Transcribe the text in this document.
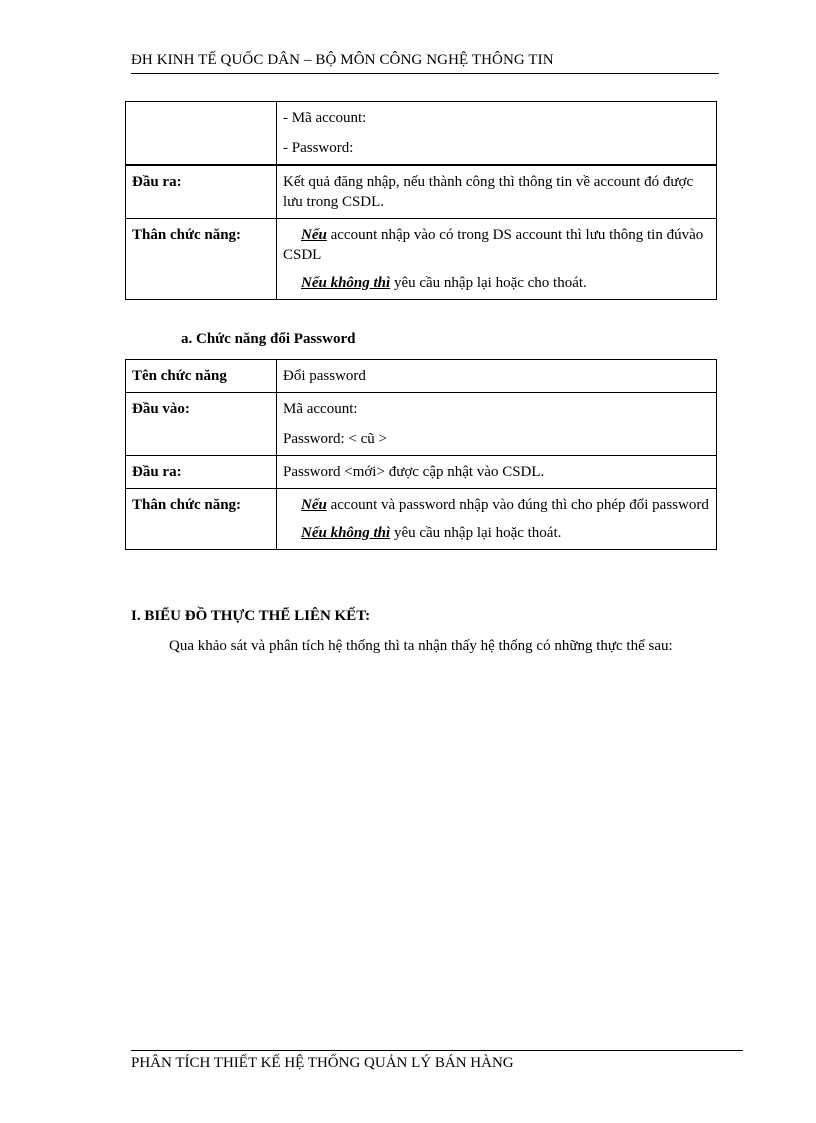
ĐH KINH TẾ QUỐC DÂN – BỘ MÔN CÔNG NGHỆ THÔNG TIN

	- Mã account:

- Password:

Đầu ra:	Kết quả đăng nhập, nếu thành công thì thông tin về account đó được lưu trong CSDL.
Thân chức năng:	Nếu account nhập vào có trong DS account thì lưu thông tin đúvào CSDL

Nếu không thì yêu cầu nhập lại hoặc cho thoát.

a. Chức năng đổi Password
Tên chức năng	Đổi password
Đầu vào:	Mã account:

Password: < cũ >

Đầu ra:	Password <mới> được cập nhật vào CSDL.
Thân chức năng:	Nếu account và password nhập vào đúng thì cho phép đổi password

Nếu không thì yêu cầu nhập lại hoặc thoát.

I. BIỂU ĐỒ THỰC THỂ LIÊN KẾT:

Qua khảo sát và phân tích hệ thống thì ta nhận thấy hệ thống có những thực thể sau:

PHÂN TÍCH THIẾT KẾ HỆ THỐNG QUẢN LÝ BÁN HÀNG
